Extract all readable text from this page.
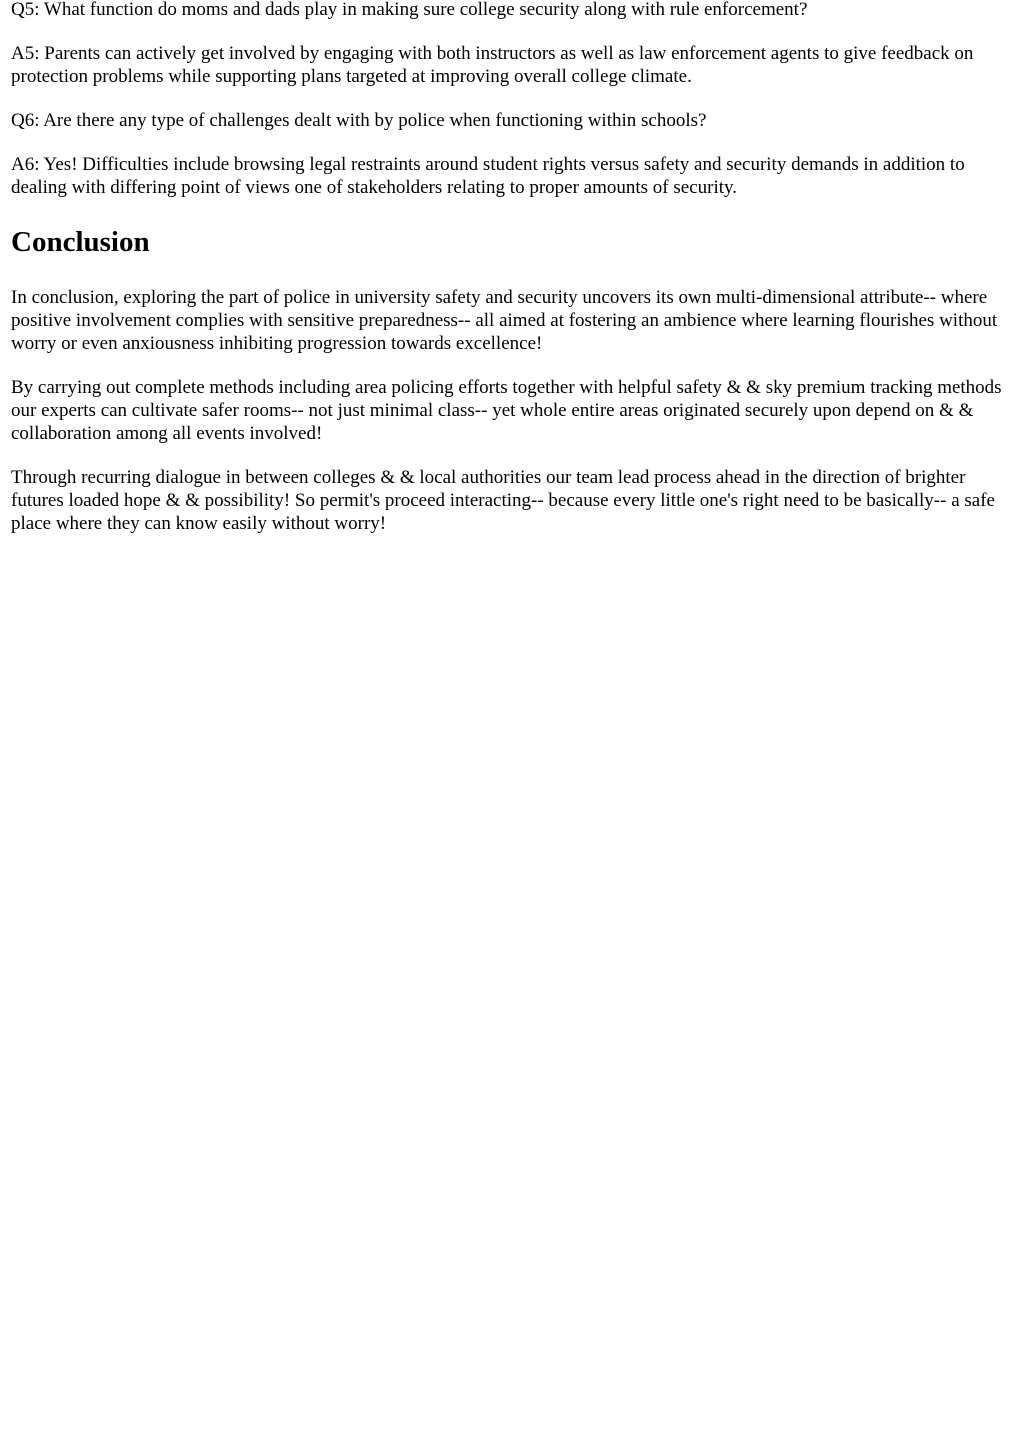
Q5: What function do moms and dads play in making sure college security along with rule enforcement?

A5: Parents can actively get involved by engaging with both instructors as well as law enforcement agents to give feedback on protection problems while supporting plans targeted at improving overall college climate.

Q6: Are there any type of challenges dealt with by police when functioning within schools?

A6: Yes! Difficulties include browsing legal restraints around student rights versus safety and security demands in addition to dealing with differing point of views one of stakeholders relating to proper amounts of security.

Conclusion

In conclusion, exploring the part of police in university safety and security uncovers its own multi-dimensional attribute-- where positive involvement complies with sensitive preparedness-- all aimed at fostering an ambience where learning flourishes without worry or even anxiousness inhibiting progression towards excellence!

By carrying out complete methods including area policing efforts together with helpful safety & & sky premium tracking methods our experts can cultivate safer rooms-- not just minimal class-- yet whole entire areas originated securely upon depend on & & collaboration among all events involved!

Through recurring dialogue in between colleges & & local authorities our team lead process ahead in the direction of brighter futures loaded hope & & possibility! So permit's proceed interacting-- because every little one's right need to be basically-- a safe place where they can know easily without worry!
